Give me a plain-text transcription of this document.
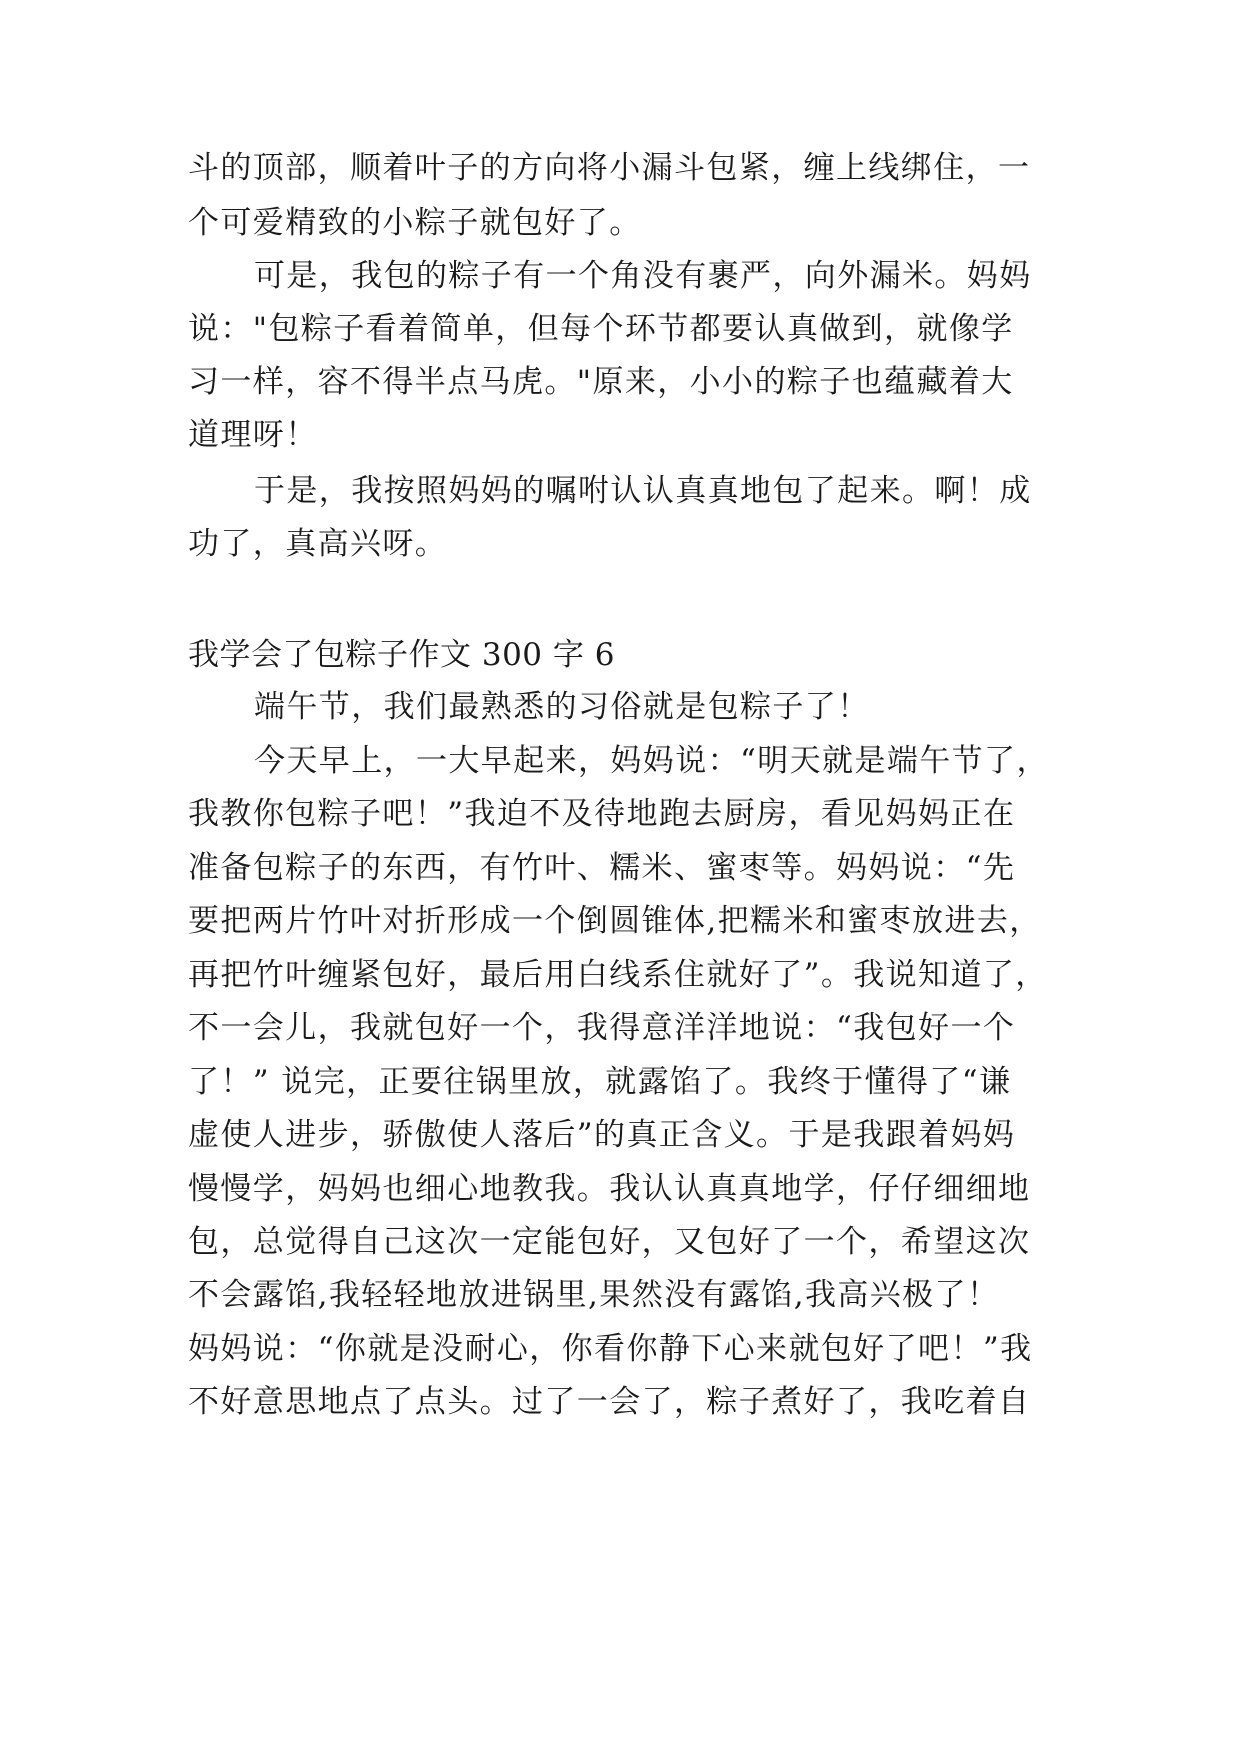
斗的顶部，顺着叶子的方向将小漏斗包紧，缠上线绑住，一
个可爱精致的小粽子就包好了。
可是，我包的粽子有一个角没有裹严，向外漏米。妈妈
说："包粽子看着简单，但每个环节都要认真做到，就像学
习一样，容不得半点马虎。"原来，小小的粽子也蕴藏着大
道理呀！
于是，我按照妈妈的嘱咐认认真真地包了起来。啊！成
功了，真高兴呀。
我学会了包粽子作文 300 字 6
端午节，我们最熟悉的习俗就是包粽子了！
今天早上，一大早起来，妈妈说：“明天就是端午节了，
我教你包粽子吧！”我迫不及待地跑去厨房，看见妈妈正在
准备包粽子的东西，有竹叶、糯米、蜜枣等。妈妈说：“先
要把两片竹叶对折形成一个倒圆锥体,把糯米和蜜枣放进去，
再把竹叶缠紧包好，最后用白线系住就好了”。我说知道了，
不一会儿，我就包好一个，我得意洋洋地说：“我包好一个
了！” 说完，正要往锅里放，就露馅了。我终于懂得了“谦
虚使人进步，骄傲使人落后”的真正含义。于是我跟着妈妈
慢慢学，妈妈也细心地教我。我认认真真地学，仔仔细细地
包，总觉得自己这次一定能包好，又包好了一个，希望这次
不会露馅,我轻轻地放进锅里,果然没有露馅,我高兴极了！
妈妈说：“你就是没耐心，你看你静下心来就包好了吧！”我
不好意思地点了点头。过了一会了，粽子煮好了，我吃着自
